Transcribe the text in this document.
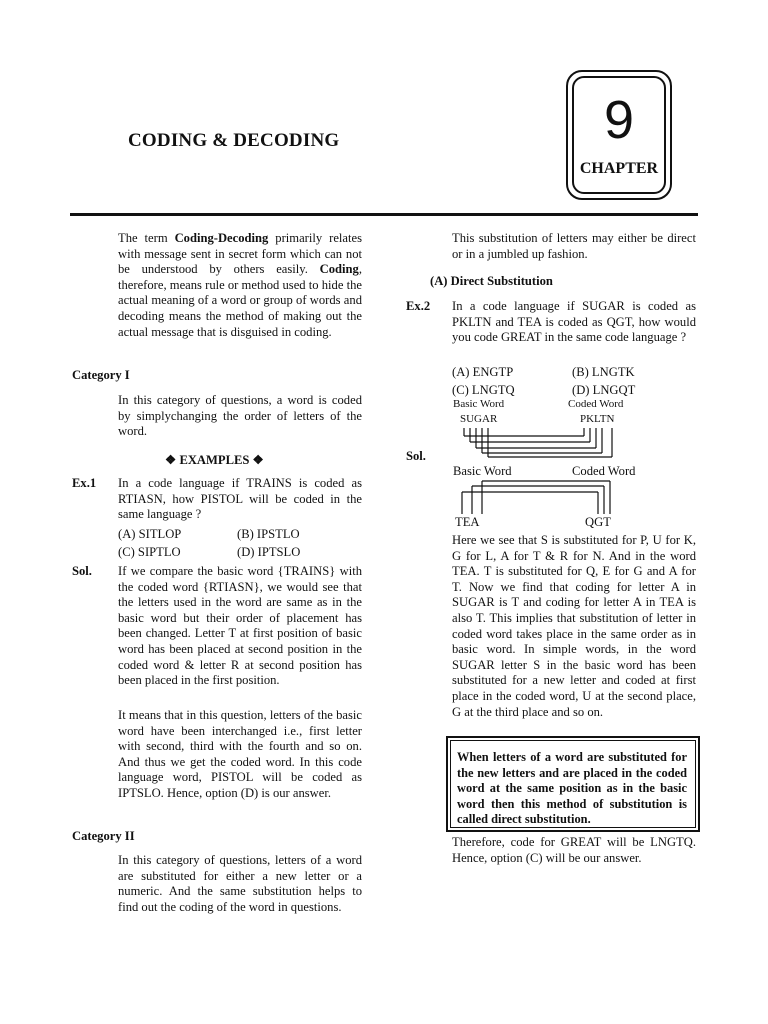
CODING & DECODING	9
CHAPTER
The term Coding-Decoding primarily relates with message sent in secret form which can not be understood by others easily. Coding, therefore, means rule or method used to hide the actual meaning of a word or group of words and decoding means the method of making out the actual message that is disguised in coding.
Category I
In this category of questions, a word is coded by simplychanging the order of letters of the word.
❖ EXAMPLES ❖
Ex.1 In a code language if TRAINS is coded as RTIASN, how PISTOL will be coded in the same language ?
(A) SITLOP	(B) IPSTLO
(C) SIPTLO	(D) IPTSLO
Sol. If we compare the basic word {TRAINS} with the coded word {RTIASN}, we would see that the letters used in the word are same as in the basic word but their order of placement has been changed. Letter T at first position of basic word has been placed at second position in the coded word & letter R at second position has been placed in the first position.
It means that in this question, letters of the basic word have been interchanged i.e., first letter with second, third with the fourth and so on. And thus we get the coded word. In this code language word, PISTOL will be coded as IPTSLO. Hence, option (D) is our answer.
Category II
In this category of questions, letters of a word are substituted for either a new letter or a numeric. And the same substitution helps to find out the coding of the word in questions.
This substitution of letters may either be direct or in a jumbled up fashion.
(A) Direct Substitution
Ex.2 In a code language if SUGAR is coded as PKLTN and TEA is coded as QGT, how would you code GREAT in the same code language ?
(A) ENGTP	(B) LNGTK
(C) LNGTQ	(D) LNGQT
Basic Word	Coded Word
SUGAR	PKLTN
Sol.
Basic Word	Coded Word
TEA	QGT
Here we see that S is substituted for P, U for K, G for L, A for T & R for N. And in the word TEA. T is substituted for Q, E for G and A for T. Now we find that coding for letter A in SUGAR is T and coding for letter A in TEA is also T. This implies that substitution of letter in coded word takes place in the same order as in basic word. In simple words, in the word SUGAR letter S in the basic word has been substituted for a new letter and coded at first place in the coded word, U at the second place, G at the third place and so on.
When letters of a word are substituted for the new letters and are placed in the coded word at the same position as in the basic word then this method of substitution is called direct substitution.
Therefore, code for GREAT will be LNGTQ. Hence, option (C) will be our answer.
